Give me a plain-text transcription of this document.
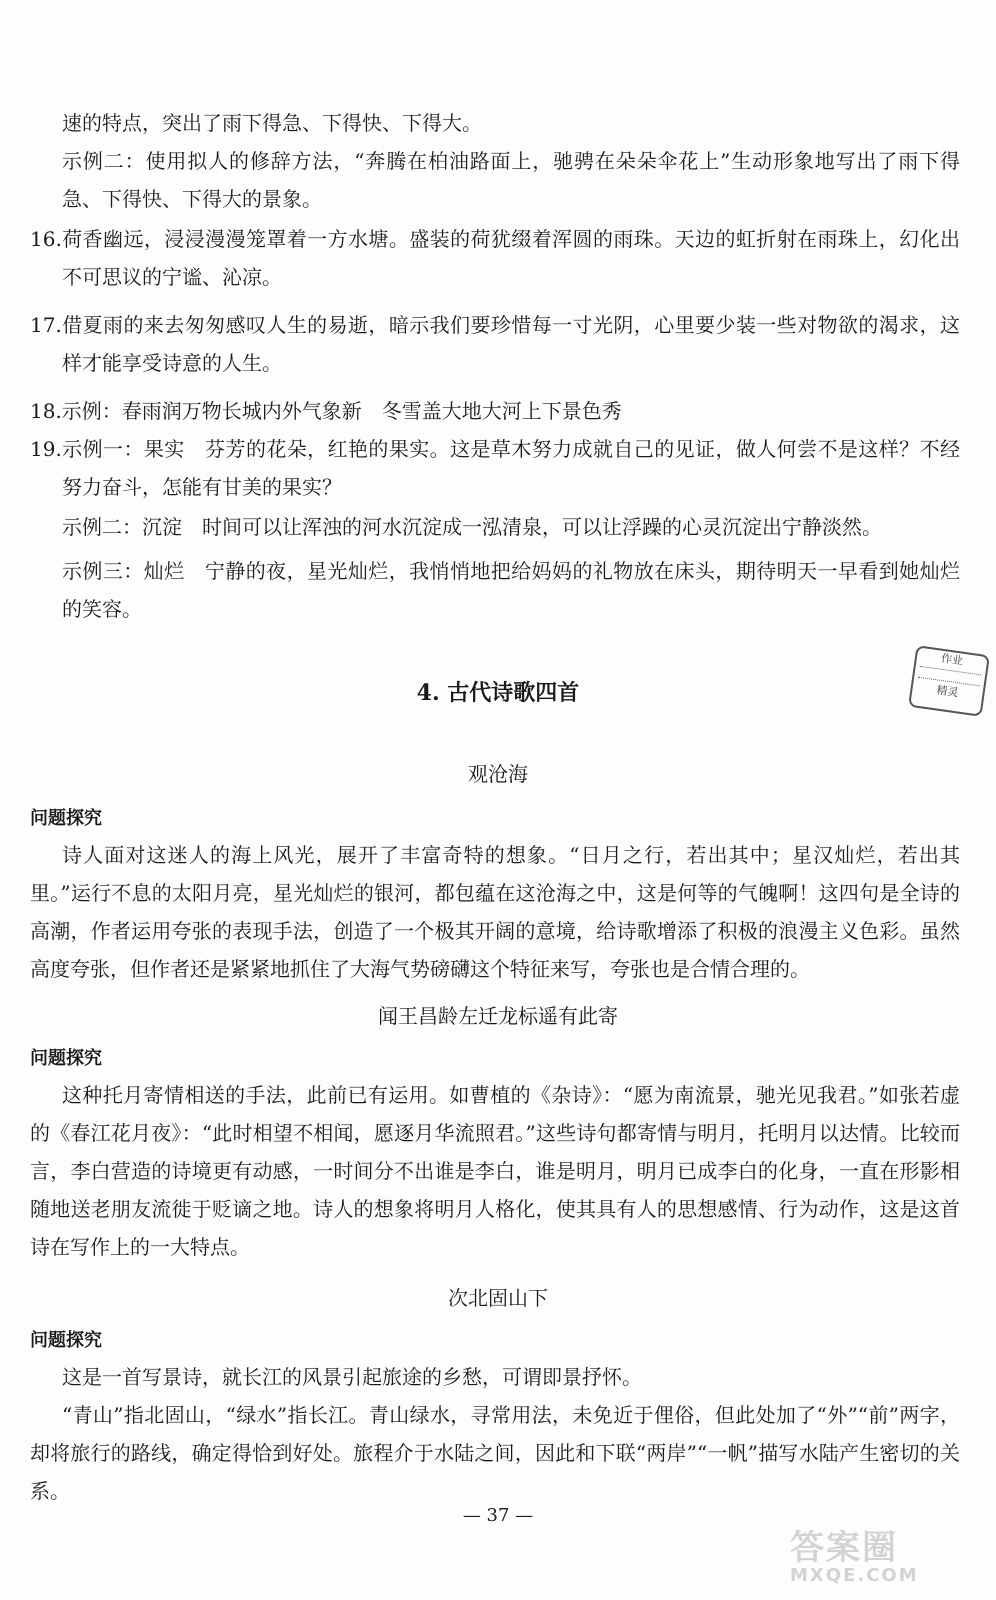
速的特点，突出了雨下得急、下得快、下得大。

示例二：使用拟人的修辞方法，“奔腾在柏油路面上，驰骋在朵朵伞花上”生动形象地写出了雨下得急、下得快、下得大的景象。

16.荷香幽远，浸浸漫漫笼罩着一方水塘。盛装的荷犹缀着浑圆的雨珠。天边的虹折射在雨珠上，幻化出不可思议的宁谧、沁凉。

17.借夏雨的来去匆匆感叹人生的易逝，暗示我们要珍惜每一寸光阴，心里要少装一些对物欲的渴求，这样才能享受诗意的人生。

18.示例：春雨润万物长城内外气象新　冬雪盖大地大河上下景色秀

19.示例一：果实　芬芳的花朵，红艳的果实。这是草木努力成就自己的见证，做人何尝不是这样？不经努力奋斗，怎能有甘美的果实？

示例二：沉淀　时间可以让浑浊的河水沉淀成一泓清泉，可以让浮躁的心灵沉淀出宁静淡然。

示例三：灿烂　宁静的夜，星光灿烂，我悄悄地把给妈妈的礼物放在床头，期待明天一早看到她灿烂的笑容。

作业
精灵

4. 古代诗歌四首

观沧海

问题探究

诗人面对这迷人的海上风光，展开了丰富奇特的想象。“日月之行，若出其中；星汉灿烂，若出其里。”运行不息的太阳月亮，星光灿烂的银河，都包蕴在这沧海之中，这是何等的气魄啊！这四句是全诗的高潮，作者运用夸张的表现手法，创造了一个极其开阔的意境，给诗歌增添了积极的浪漫主义色彩。虽然高度夸张，但作者还是紧紧地抓住了大海气势磅礴这个特征来写，夸张也是合情合理的。

闻王昌龄左迁龙标遥有此寄

问题探究

这种托月寄情相送的手法，此前已有运用。如曹植的《杂诗》：“愿为南流景，驰光见我君。”如张若虚的《春江花月夜》：“此时相望不相闻，愿逐月华流照君。”这些诗句都寄情与明月，托明月以达情。比较而言，李白营造的诗境更有动感，一时间分不出谁是李白，谁是明月，明月已成李白的化身，一直在形影相随地送老朋友流徙于贬谪之地。诗人的想象将明月人格化，使其具有人的思想感情、行为动作，这是这首诗在写作上的一大特点。

次北固山下

问题探究

这是一首写景诗，就长江的风景引起旅途的乡愁，可谓即景抒怀。

“青山”指北固山，“绿水”指长江。青山绿水，寻常用法，未免近于俚俗，但此处加了“外”“前”两字，却将旅行的路线，确定得恰到好处。旅程介于水陆之间，因此和下联“两岸”“一帆”描写水陆产生密切的关系。

— 37 —
答案圈
MXQE.COM
